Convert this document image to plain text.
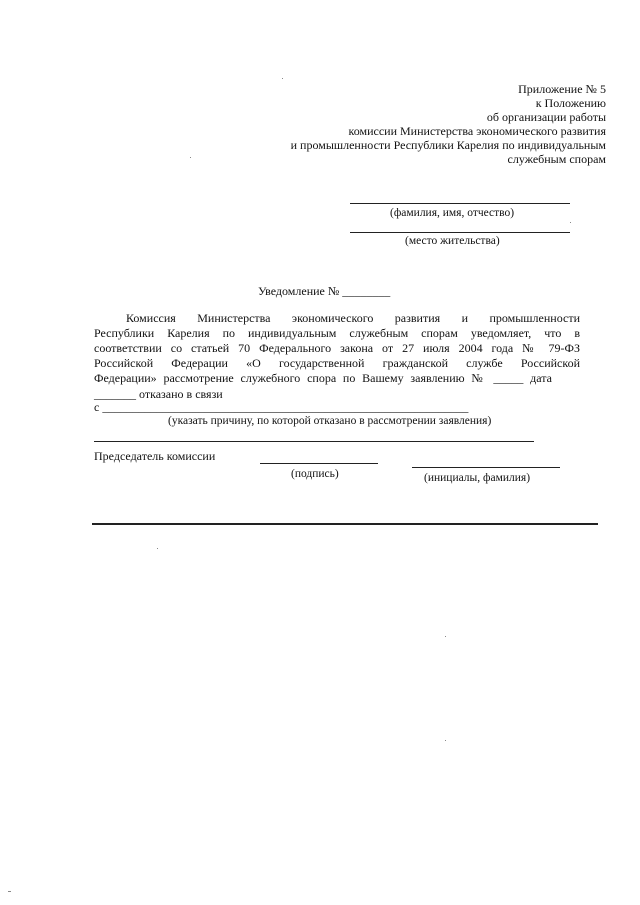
Приложение № 5
к Положению
об организации работы
комиссии Министерства экономического развития
и промышленности Республики Карелия по индивидуальным
служебным спорам
(фамилия, имя, отчество)
(место жительства)
Уведомление № ________
Комиссия Министерства экономического развития и промышленности
Республики Карелия по индивидуальным служебным спорам уведомляет, что в
соответствии со статьей 70 Федерального закона от 27 июля 2004 года № 79-ФЗ
Российской Федерации «О государственной гражданской службе Российской
Федерации» рассмотрение служебного спора по Вашему заявлению № _____ дата
_______ отказано в связи
с _____________________________________________________________
(указать причину, по которой отказано в рассмотрении заявления)
Председатель комиссии
(подпись)	(инициалы, фамилия)
